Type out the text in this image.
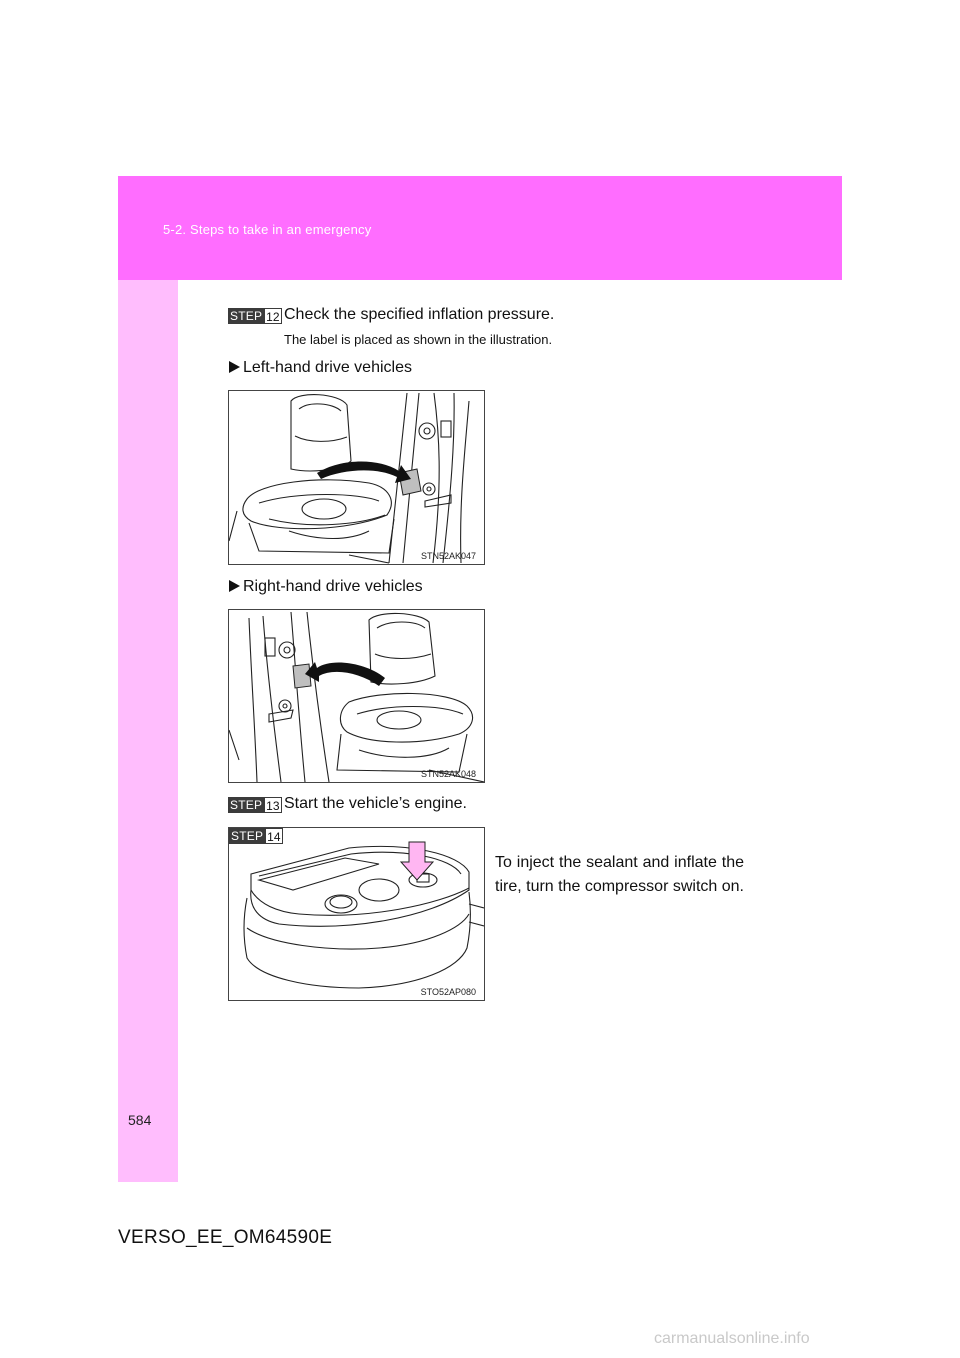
5-2. Steps to take in an emergency
STEP 12 Check the specified inflation pressure.
The label is placed as shown in the illustration.
Left-hand drive vehicles
STN52AK047
Right-hand drive vehicles
STN52AK048
STEP 13 Start the vehicle’s engine.
STEP 14
STO52AP080
To inject the sealant and inflate the tire, turn the compressor switch on.
584
VERSO_EE_OM64590E
carmanualsonline.info
